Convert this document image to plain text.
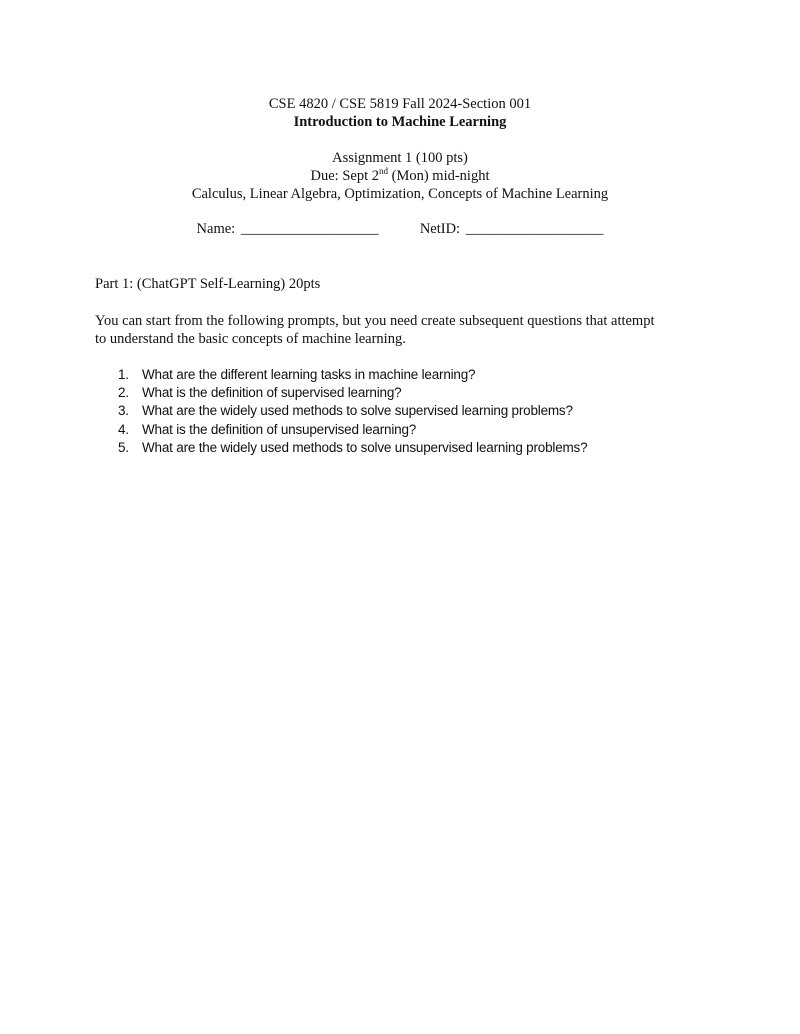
CSE 4820 / CSE 5819 Fall 2024-Section 001
Introduction to Machine Learning
Assignment 1 (100 pts)
Due: Sept 2nd (Mon) mid-night
Calculus, Linear Algebra, Optimization, Concepts of Machine Learning
Name: ___________________	NetID: ___________________
Part 1: (ChatGPT Self-Learning) 20pts
You can start from the following prompts, but you need create subsequent questions that attempt
to understand the basic concepts of machine learning.
1. What are the different learning tasks in machine learning?
2. What is the definition of supervised learning?
3. What are the widely used methods to solve supervised learning problems?
4. What is the definition of unsupervised learning?
5. What are the widely used methods to solve unsupervised learning problems?
